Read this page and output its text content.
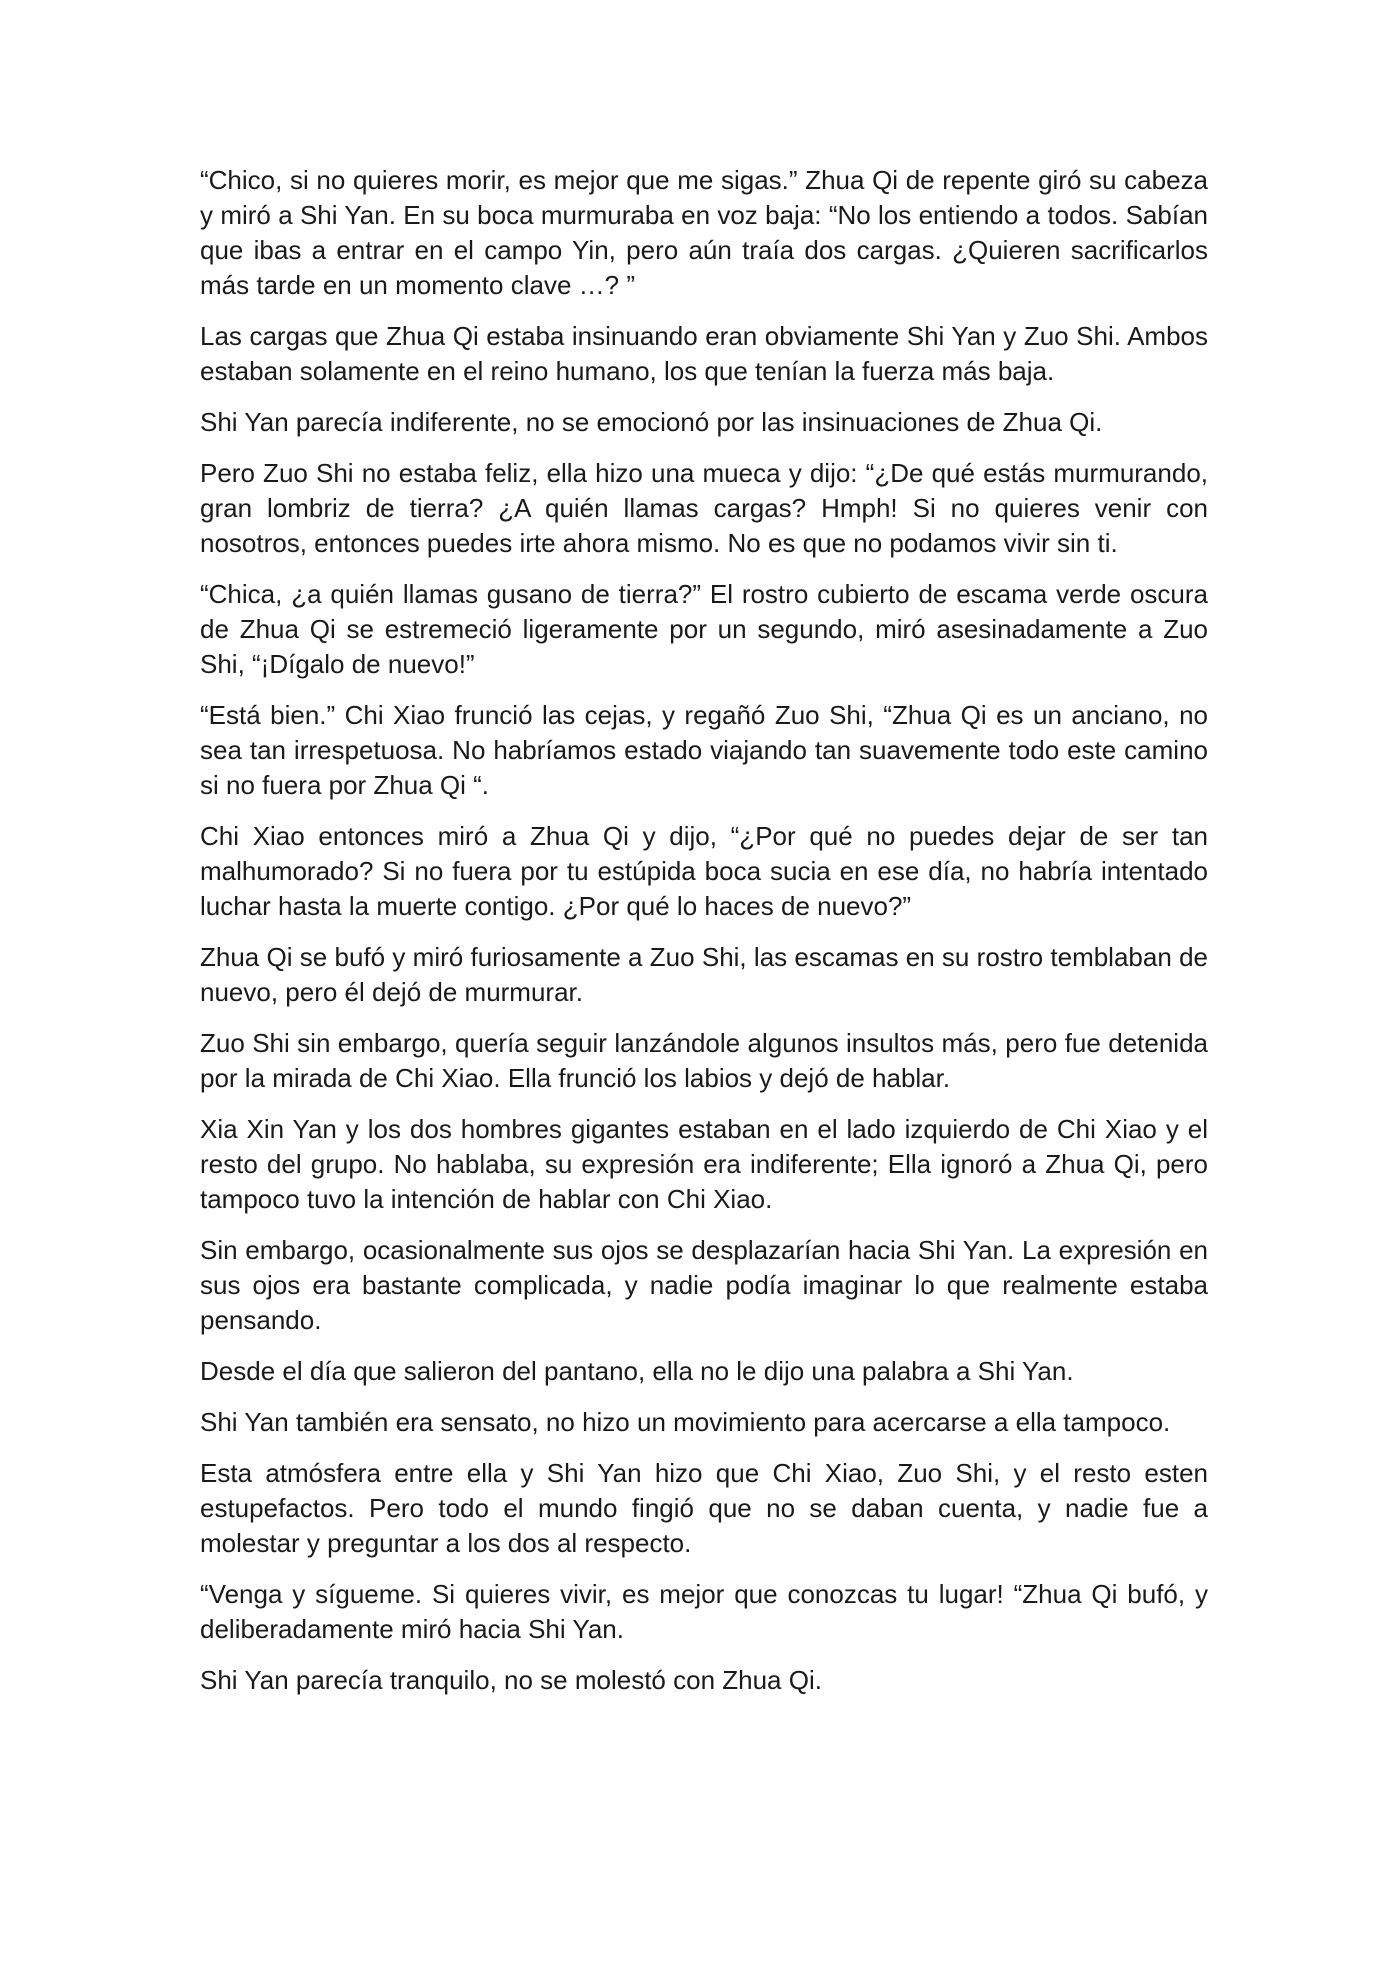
“Chico, si no quieres morir, es mejor que me sigas.” Zhua Qi de repente giró su cabeza y miró a Shi Yan. En su boca murmuraba en voz baja: “No los entiendo a todos. Sabían que ibas a entrar en el campo Yin, pero aún traía dos cargas. ¿Quieren sacrificarlos más tarde en un momento clave …? ”

Las cargas que Zhua Qi estaba insinuando eran obviamente Shi Yan y Zuo Shi. Ambos estaban solamente en el reino humano, los que tenían la fuerza más baja.

Shi Yan parecía indiferente, no se emocionó por las insinuaciones de Zhua Qi.

Pero Zuo Shi no estaba feliz, ella hizo una mueca y dijo: “¿De qué estás murmurando, gran lombriz de tierra? ¿A quién llamas cargas? Hmph! Si no quieres venir con nosotros, entonces puedes irte ahora mismo. No es que no podamos vivir sin ti.

“Chica, ¿a quién llamas gusano de tierra?” El rostro cubierto de escama verde oscura de Zhua Qi se estremeció ligeramente por un segundo, miró asesinadamente a Zuo Shi, “¡Dígalo de nuevo!”

“Está bien.” Chi Xiao frunció las cejas, y regañó Zuo Shi, “Zhua Qi es un anciano, no sea tan irrespetuosa. No habríamos estado viajando tan suavemente todo este camino si no fuera por Zhua Qi “.

Chi Xiao entonces miró a Zhua Qi y dijo, “¿Por qué no puedes dejar de ser tan malhumorado? Si no fuera por tu estúpida boca sucia en ese día, no habría intentado luchar hasta la muerte contigo. ¿Por qué lo haces de nuevo?”

Zhua Qi se bufó y miró furiosamente a Zuo Shi, las escamas en su rostro temblaban de nuevo, pero él dejó de murmurar.

Zuo Shi sin embargo, quería seguir lanzándole algunos insultos más, pero fue detenida por la mirada de Chi Xiao. Ella frunció los labios y dejó de hablar.

Xia Xin Yan y los dos hombres gigantes estaban en el lado izquierdo de Chi Xiao y el resto del grupo. No hablaba, su expresión era indiferente; Ella ignoró a Zhua Qi, pero tampoco tuvo la intención de hablar con Chi Xiao.

Sin embargo, ocasionalmente sus ojos se desplazarían hacia Shi Yan. La expresión en sus ojos era bastante complicada, y nadie podía imaginar lo que realmente estaba pensando.

Desde el día que salieron del pantano, ella no le dijo una palabra a Shi Yan.

Shi Yan también era sensato, no hizo un movimiento para acercarse a ella tampoco.

Esta atmósfera entre ella y Shi Yan hizo que Chi Xiao, Zuo Shi, y el resto esten estupefactos. Pero todo el mundo fingió que no se daban cuenta, y nadie fue a molestar y preguntar a los dos al respecto.

“Venga y sígueme. Si quieres vivir, es mejor que conozcas tu lugar! “Zhua Qi bufó, y deliberadamente miró hacia Shi Yan.

Shi Yan parecía tranquilo, no se molestó con Zhua Qi.
